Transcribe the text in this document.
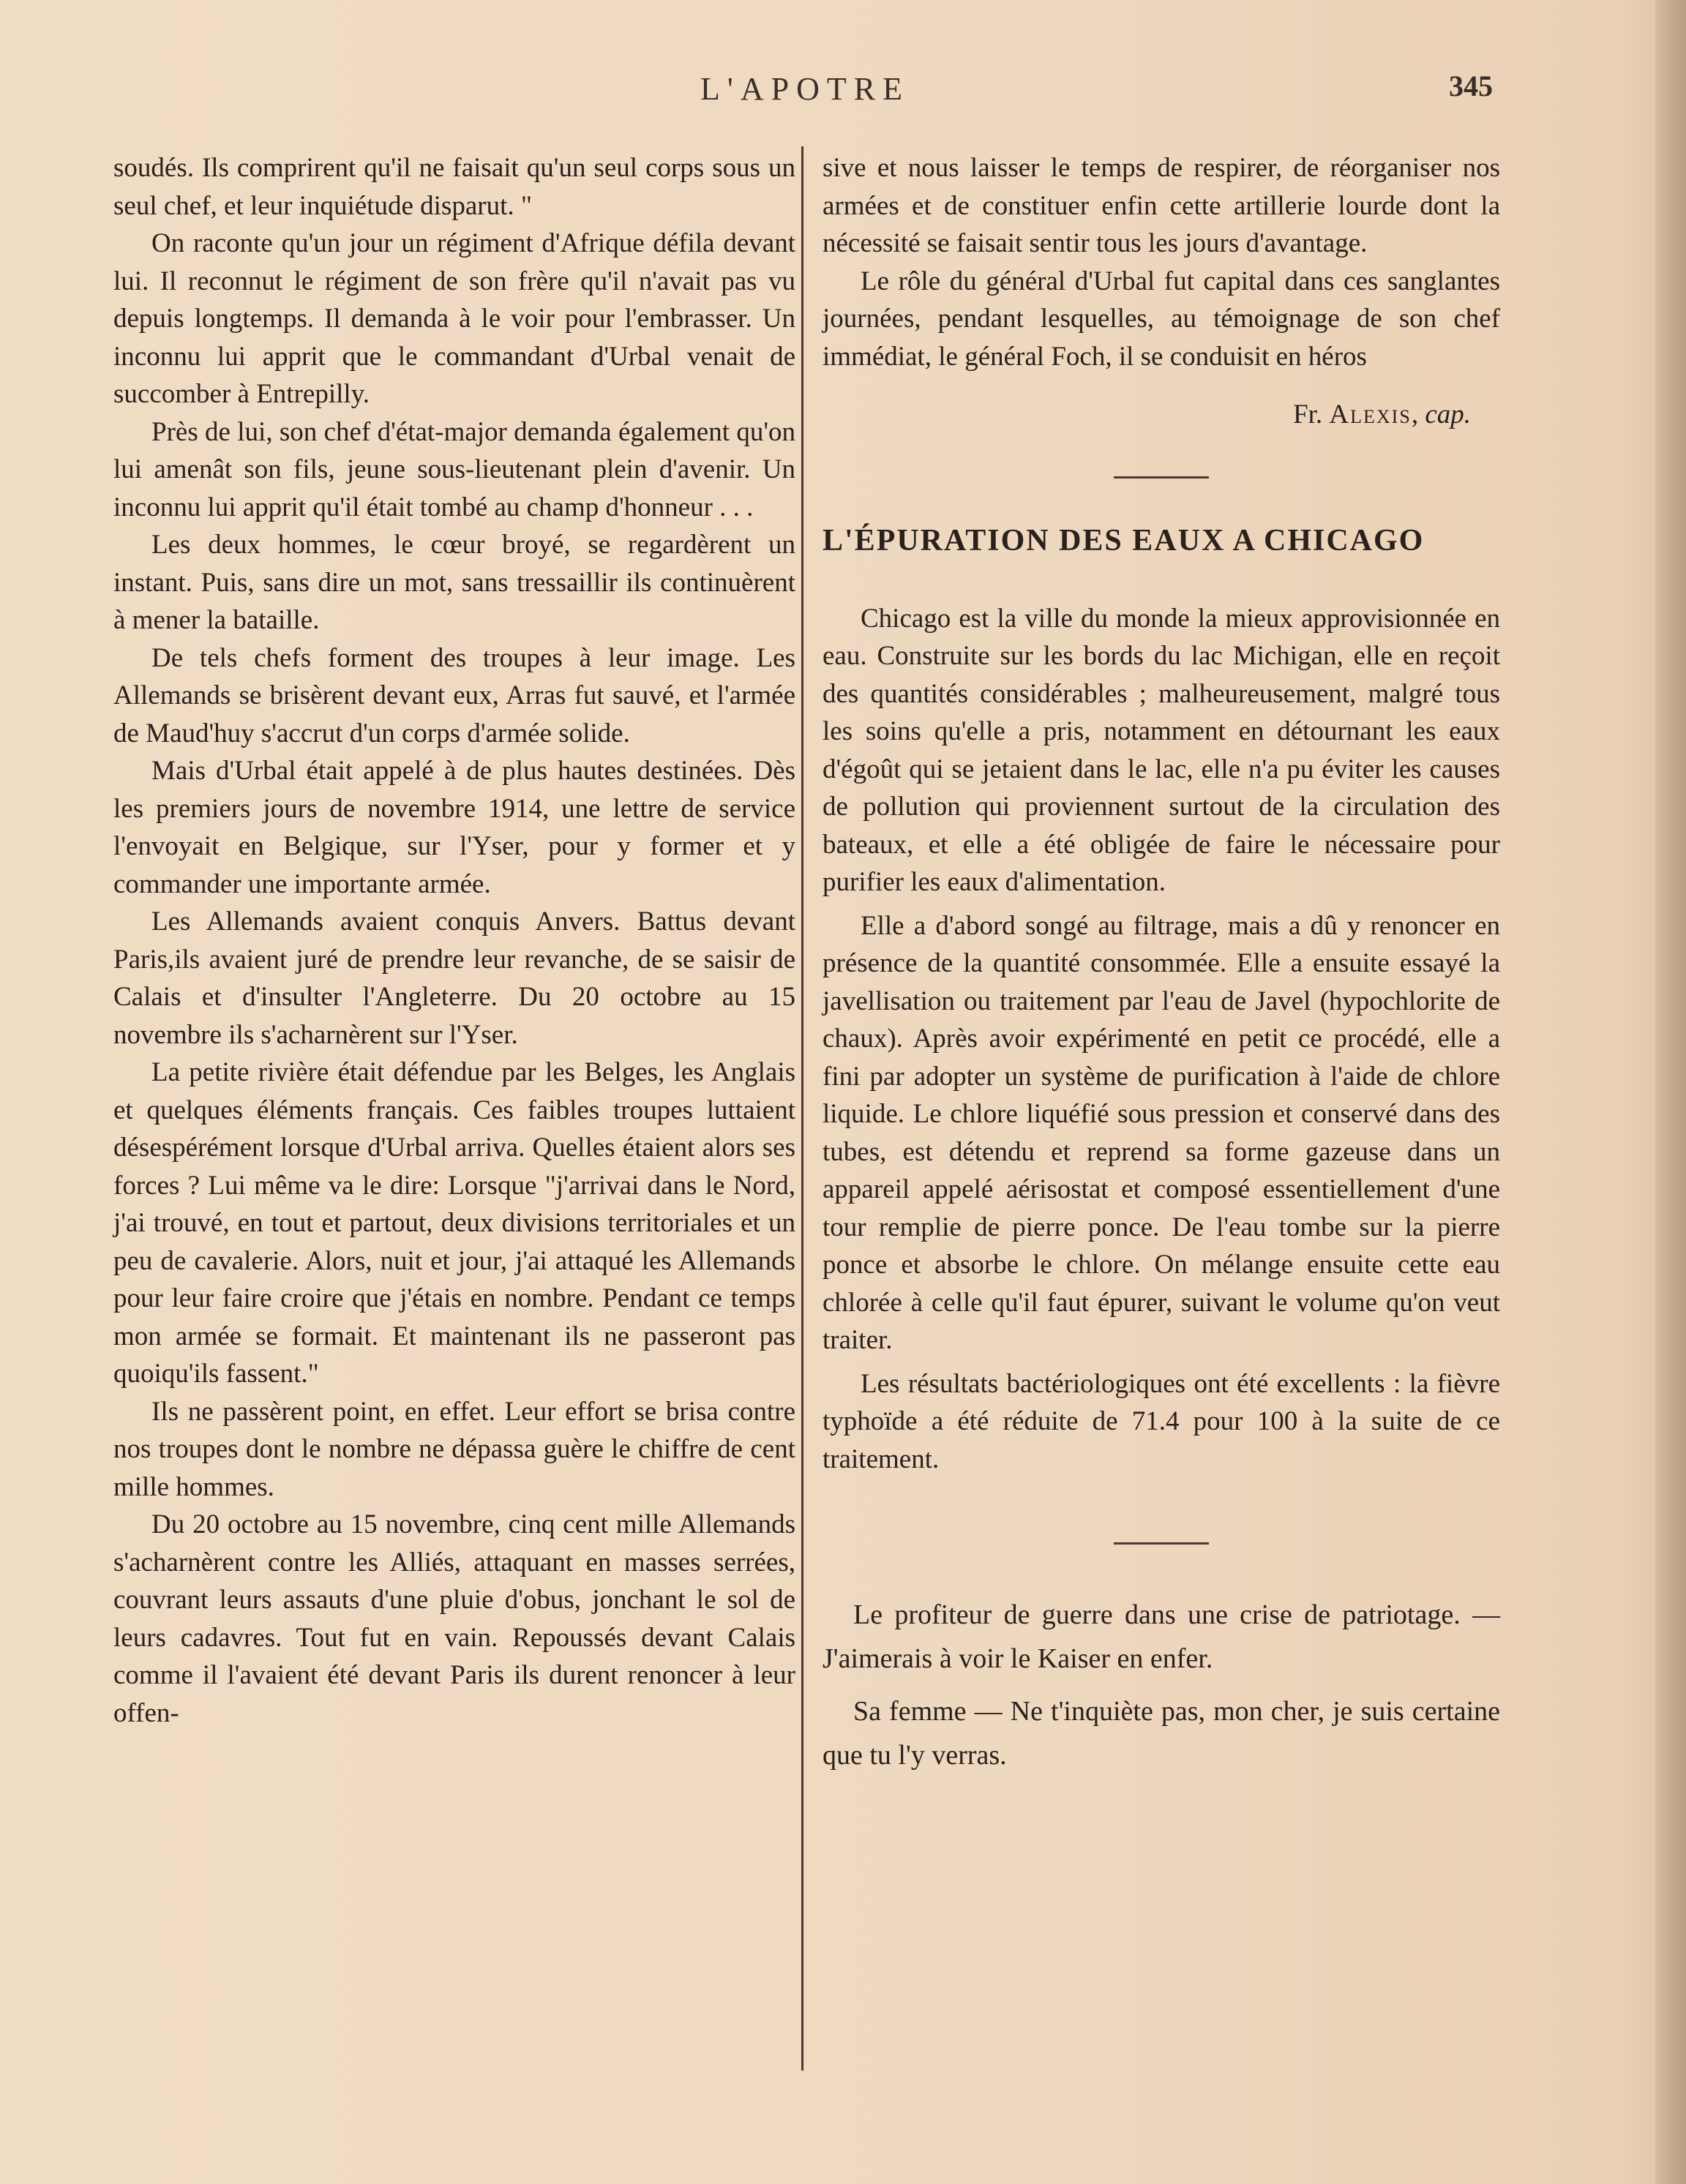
L'APOTRE	345

soudés. Ils comprirent qu'il ne faisait qu'un seul corps sous un seul chef, et leur inquiétude disparut. "

On raconte qu'un jour un régiment d'Afrique défila devant lui. Il reconnut le régiment de son frère qu'il n'avait pas vu depuis longtemps. Il demanda à le voir pour l'embrasser. Un inconnu lui apprit que le commandant d'Urbal venait de succomber à Entrepilly.

Près de lui, son chef d'état-major demanda également qu'on lui amenât son fils, jeune sous-lieutenant plein d'avenir. Un inconnu lui apprit qu'il était tombé au champ d'honneur . . .

Les deux hommes, le cœur broyé, se regardèrent un instant. Puis, sans dire un mot, sans tressaillir ils continuèrent à mener la bataille.

De tels chefs forment des troupes à leur image. Les Allemands se brisèrent devant eux, Arras fut sauvé, et l'armée de Maud'huy s'accrut d'un corps d'armée solide.

Mais d'Urbal était appelé à de plus hautes destinées. Dès les premiers jours de novembre 1914, une lettre de service l'envoyait en Belgique, sur l'Yser, pour y former et y commander une importante armée.

Les Allemands avaient conquis Anvers. Battus devant Paris,ils avaient juré de prendre leur revanche, de se saisir de Calais et d'insulter l'Angleterre. Du 20 octobre au 15 novembre ils s'acharnèrent sur l'Yser.

La petite rivière était défendue par les Belges, les Anglais et quelques éléments français. Ces faibles troupes luttaient désespérément lorsque d'Urbal arriva. Quelles étaient alors ses forces ? Lui même va le dire: Lorsque "j'arrivai dans le Nord, j'ai trouvé, en tout et partout, deux divisions territoriales et un peu de cavalerie. Alors, nuit et jour, j'ai attaqué les Allemands pour leur faire croire que j'étais en nombre. Pendant ce temps mon armée se formait. Et maintenant ils ne passeront pas quoiqu'ils fassent."

Ils ne passèrent point, en effet. Leur effort se brisa contre nos troupes dont le nombre ne dépassa guère le chiffre de cent mille hommes.

Du 20 octobre au 15 novembre, cinq cent mille Allemands s'acharnèrent contre les Alliés, attaquant en masses serrées, couvrant leurs assauts d'une pluie d'obus, jonchant le sol de leurs cadavres. Tout fut en vain. Repoussés devant Calais comme il l'avaient été devant Paris ils durent renoncer à leur offen-

sive et nous laisser le temps de respirer, de réorganiser nos armées et de constituer enfin cette artillerie lourde dont la nécessité se faisait sentir tous les jours d'avantage.

Le rôle du général d'Urbal fut capital dans ces sanglantes journées, pendant lesquelles, au témoignage de son chef immédiat, le général Foch, il se conduisit en héros

Fr. Alexis, cap.

L'ÉPURATION DES EAUX A CHICAGO

Chicago est la ville du monde la mieux approvisionnée en eau. Construite sur les bords du lac Michigan, elle en reçoit des quantités considérables ; malheureusement, malgré tous les soins qu'elle a pris, notamment en détournant les eaux d'égoût qui se jetaient dans le lac, elle n'a pu éviter les causes de pollution qui proviennent surtout de la circulation des bateaux, et elle a été obligée de faire le nécessaire pour purifier les eaux d'alimentation.

Elle a d'abord songé au filtrage, mais a dû y renoncer en présence de la quantité consommée. Elle a ensuite essayé la javellisation ou traitement par l'eau de Javel (hypochlorite de chaux). Après avoir expérimenté en petit ce procédé, elle a fini par adopter un système de purification à l'aide de chlore liquide. Le chlore liquéfié sous pression et conservé dans des tubes, est détendu et reprend sa forme gazeuse dans un appareil appelé aérisostat et composé essentiellement d'une tour remplie de pierre ponce. De l'eau tombe sur la pierre ponce et absorbe le chlore. On mélange ensuite cette eau chlorée à celle qu'il faut épurer, suivant le volume qu'on veut traiter.

Les résultats bactériologiques ont été excellents : la fièvre typhoïde a été réduite de 71.4 pour 100 à la suite de ce traitement.

Le profiteur de guerre dans une crise de patriotage. — J'aimerais à voir le Kaiser en enfer.

Sa femme — Ne t'inquiète pas, mon cher, je suis certaine que tu l'y verras.
